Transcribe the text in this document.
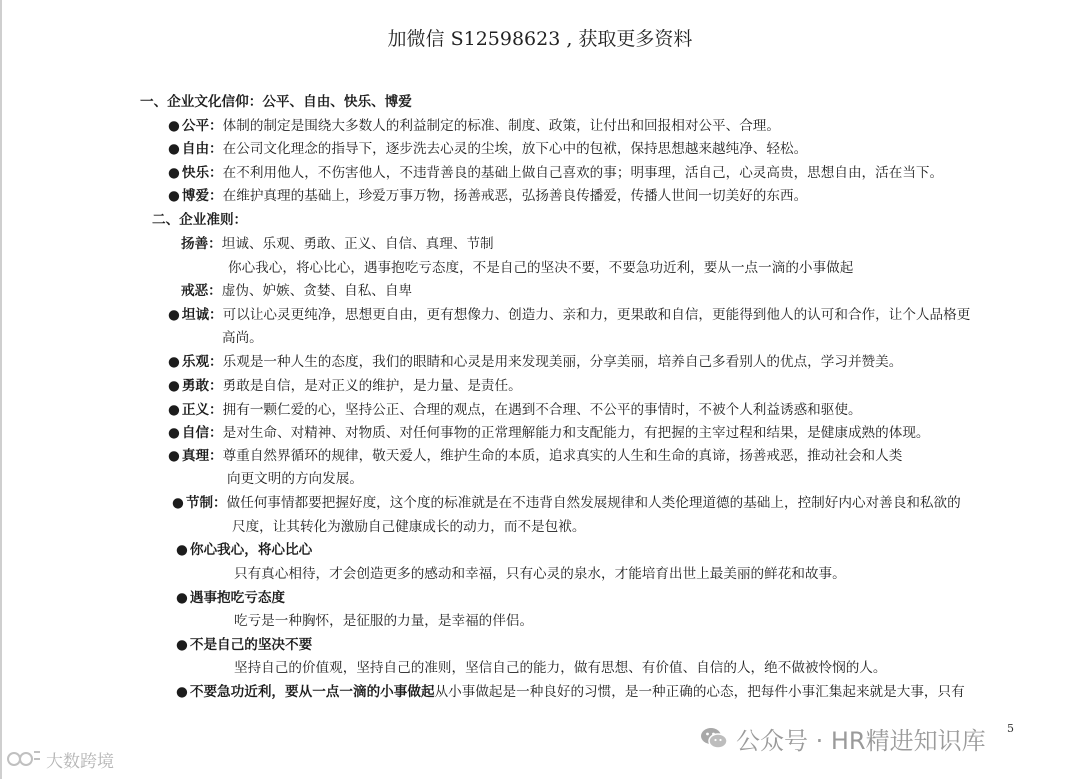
加微信 S12598623 , 获取更多资料
一、企业文化信仰：公平、自由、快乐、博爱
● 公平：体制的制定是围绕大多数人的利益制定的标准、制度、政策，让付出和回报相对公平、合理。
● 自由：在公司文化理念的指导下，逐步洗去心灵的尘埃，放下心中的包袱，保持思想越来越纯净、轻松。
● 快乐：在不利用他人，不伤害他人，不违背善良的基础上做自己喜欢的事；明事理，活自己，心灵高贵，思想自由，活在当下。
● 博爱：在维护真理的基础上，珍爱万事万物，扬善戒恶，弘扬善良传播爱，传播人世间一切美好的东西。
二、企业准则：
扬善：坦诚、乐观、勇敢、正义、自信、真理、节制
你心我心，将心比心，遇事抱吃亏态度，不是自己的坚决不要，不要急功近利，要从一点一滴的小事做起
戒恶：虚伪、妒嫉、贪婪、自私、自卑
● 坦诚：可以让心灵更纯净，思想更自由，更有想像力、创造力、亲和力，更果敢和自信，更能得到他人的认可和合作，让个人品格更
高尚。
● 乐观：乐观是一种人生的态度，我们的眼睛和心灵是用来发现美丽，分享美丽，培养自己多看别人的优点，学习并赞美。
● 勇敢：勇敢是自信，是对正义的维护，是力量、是责任。
● 正义：拥有一颗仁爱的心，坚持公正、合理的观点，在遇到不合理、不公平的事情时，不被个人利益诱惑和驱使。
● 自信：是对生命、对精神、对物质、对任何事物的正常理解能力和支配能力，有把握的主宰过程和结果，是健康成熟的体现。
● 真理：尊重自然界循环的规律，敬天爱人，维护生命的本质，追求真实的人生和生命的真谛，扬善戒恶，推动社会和人类
向更文明的方向发展。
● 节制：做任何事情都要把握好度，这个度的标准就是在不违背自然发展规律和人类伦理道德的基础上，控制好内心对善良和私欲的
尺度，让其转化为激励自己健康成长的动力，而不是包袱。
● 你心我心，将心比心
只有真心相待，才会创造更多的感动和幸福，只有心灵的泉水，才能培育出世上最美丽的鲜花和故事。
● 遇事抱吃亏态度
吃亏是一种胸怀，是征服的力量，是幸福的伴侣。
● 不是自己的坚决不要
坚持自己的价值观，坚持自己的准则，坚信自己的能力，做有思想、有价值、自信的人，绝不做被怜悯的人。
● 不要急功近利，要从一点一滴的小事做起从小事做起是一种良好的习惯，是一种正确的心态，把每件小事汇集起来就是大事，只有
5
公众号 · HR精进知识库
大数跨境
